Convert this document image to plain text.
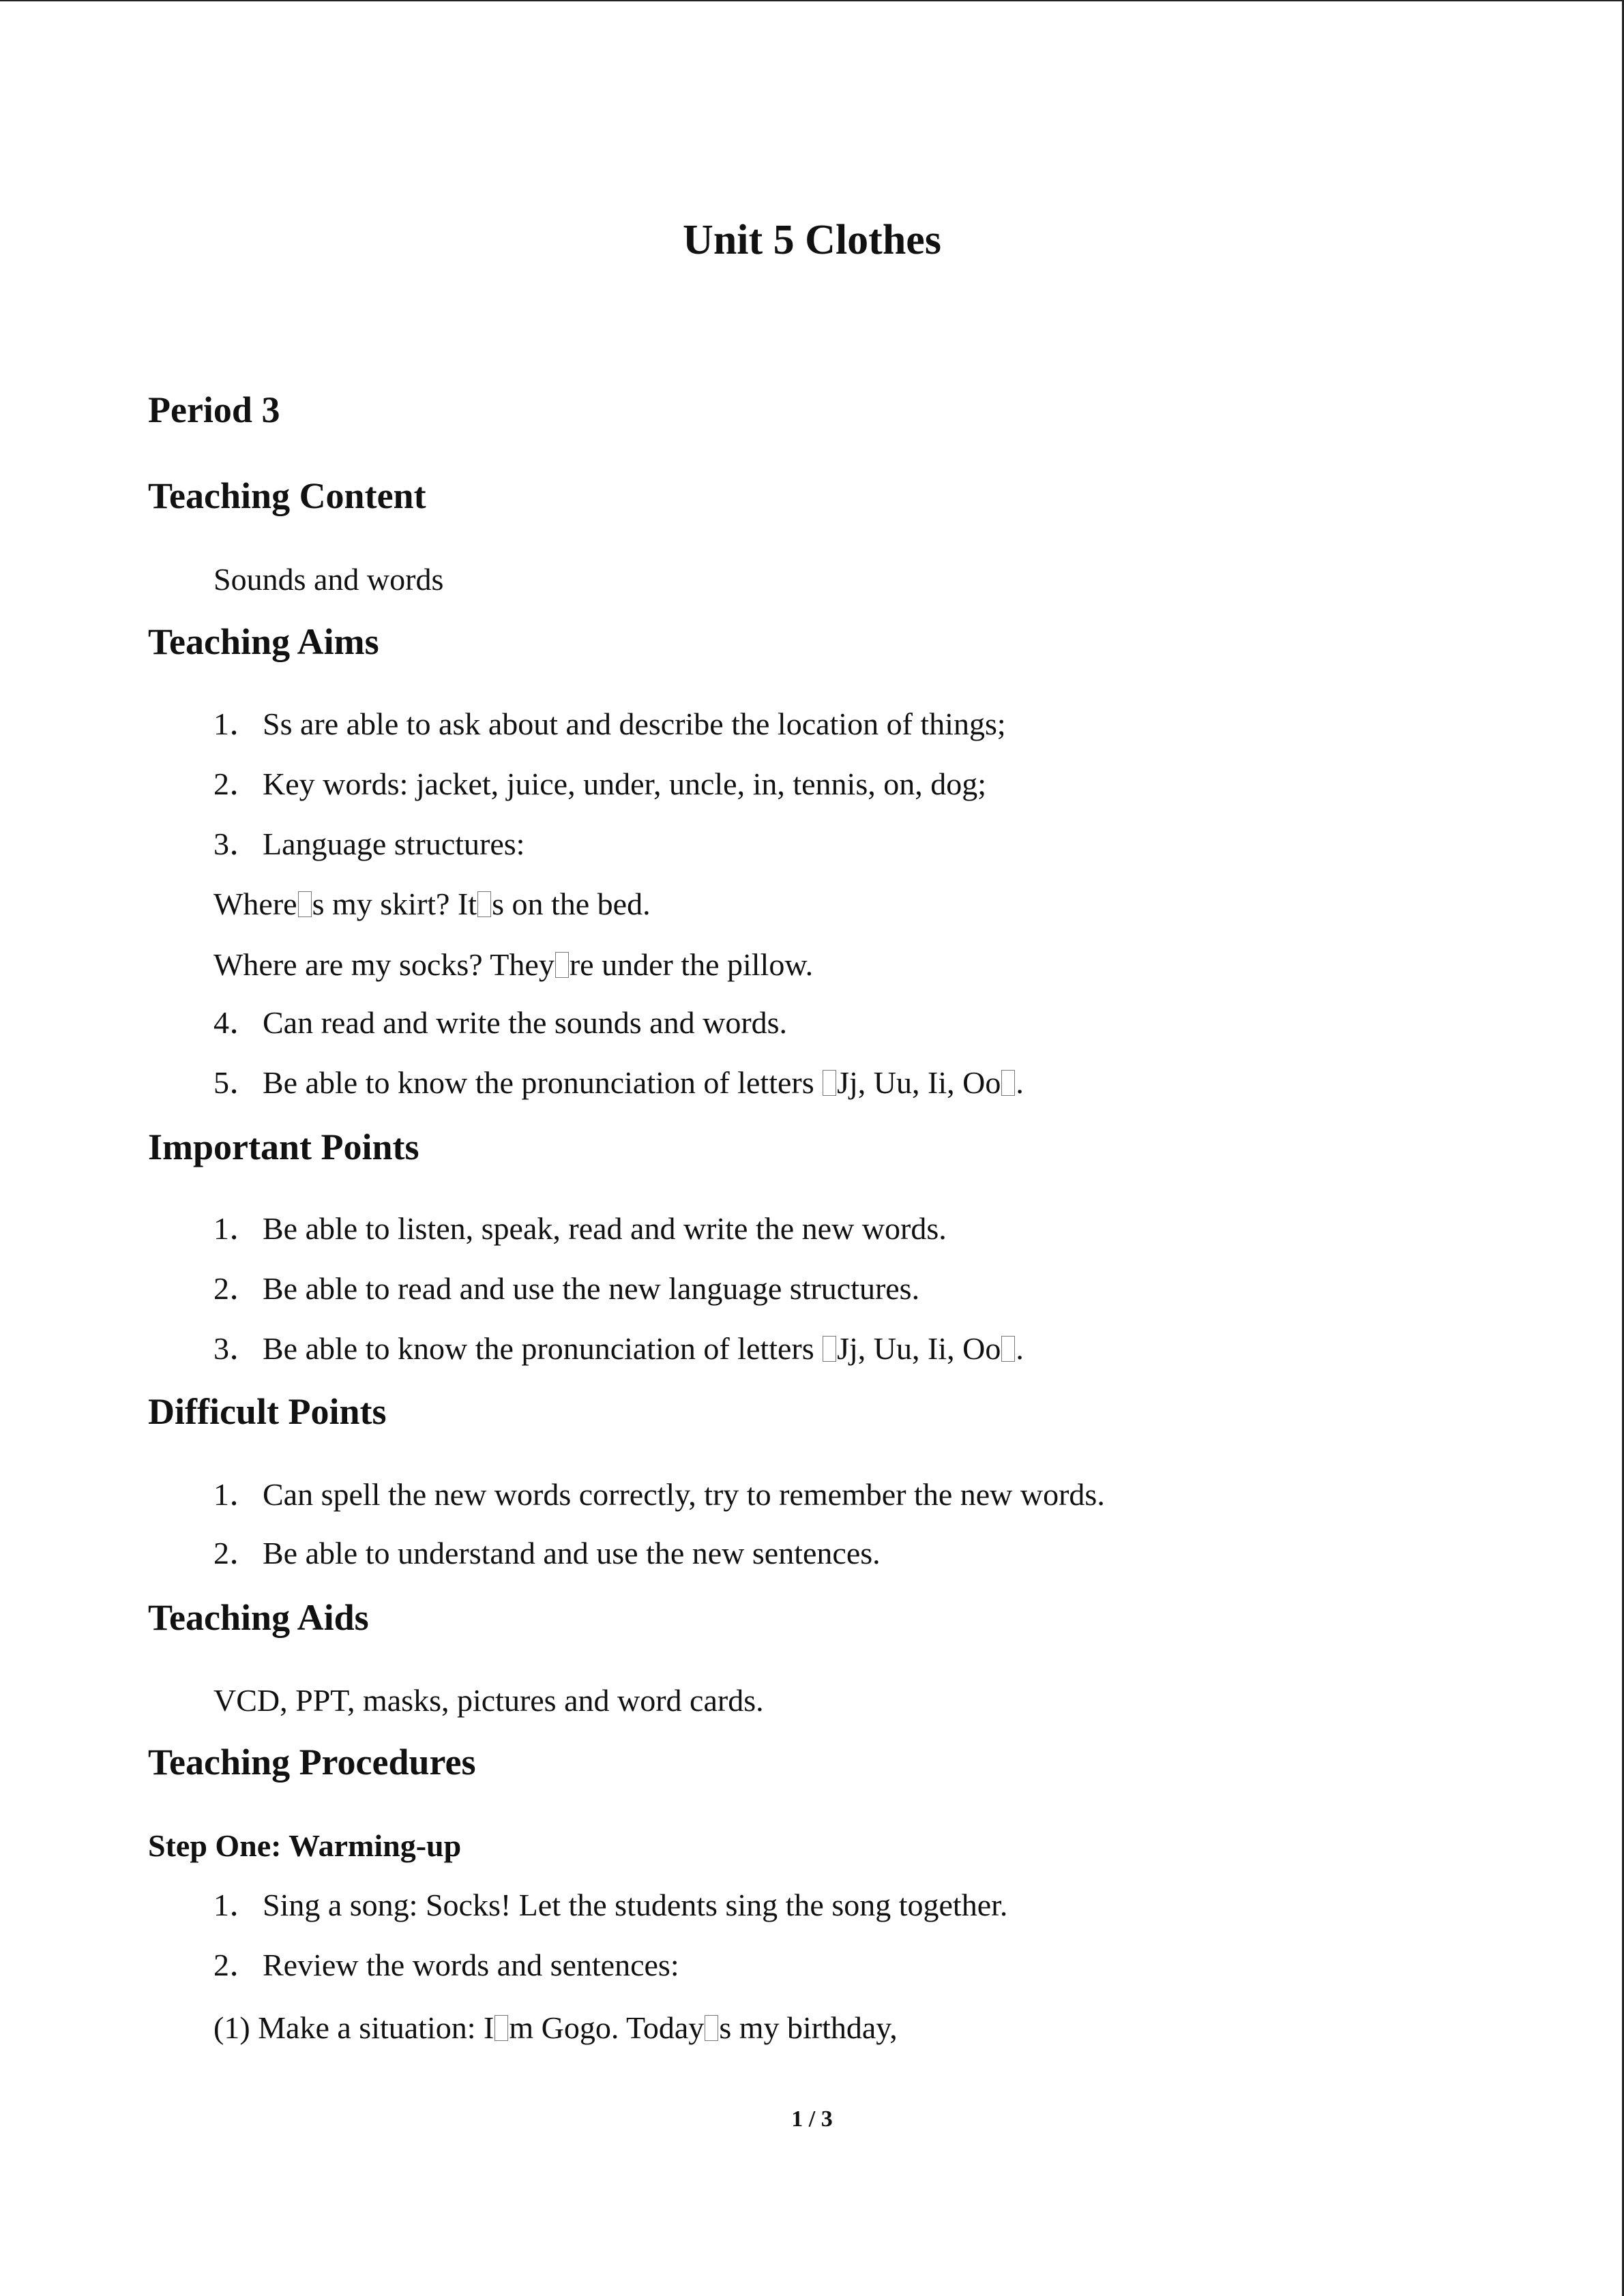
Unit 5 Clothes
Period 3
Teaching Content

Sounds and words

Teaching Aims

1．Ss are able to ask about and describe the location of things;

2．Key words: jacket, juice, under, uncle, in, tennis, on, dog;

3．Language structures:

Where s my skirt? It s on the bed.

Where are my socks? They re under the pillow.

4．Can read and write the sounds and words.

5．Be able to know the pronunciation of letters Jj, Uu, Ii, Oo .

Important Points

1．Be able to listen, speak, read and write the new words.

2．Be able to read and use the new language structures.

3．Be able to know the pronunciation of letters Jj, Uu, Ii, Oo .

Difficult Points

1．Can spell the new words correctly, try to remember the new words.

2．Be able to understand and use the new sentences.

Teaching Aids

VCD, PPT, masks, pictures and word cards.

Teaching Procedures
Step One: Warming-up

1．Sing a song: Socks! Let the students sing the song together.

2．Review the words and sentences:

(1) Make a situation: I m Gogo. Today s my birthday,

1 / 3
